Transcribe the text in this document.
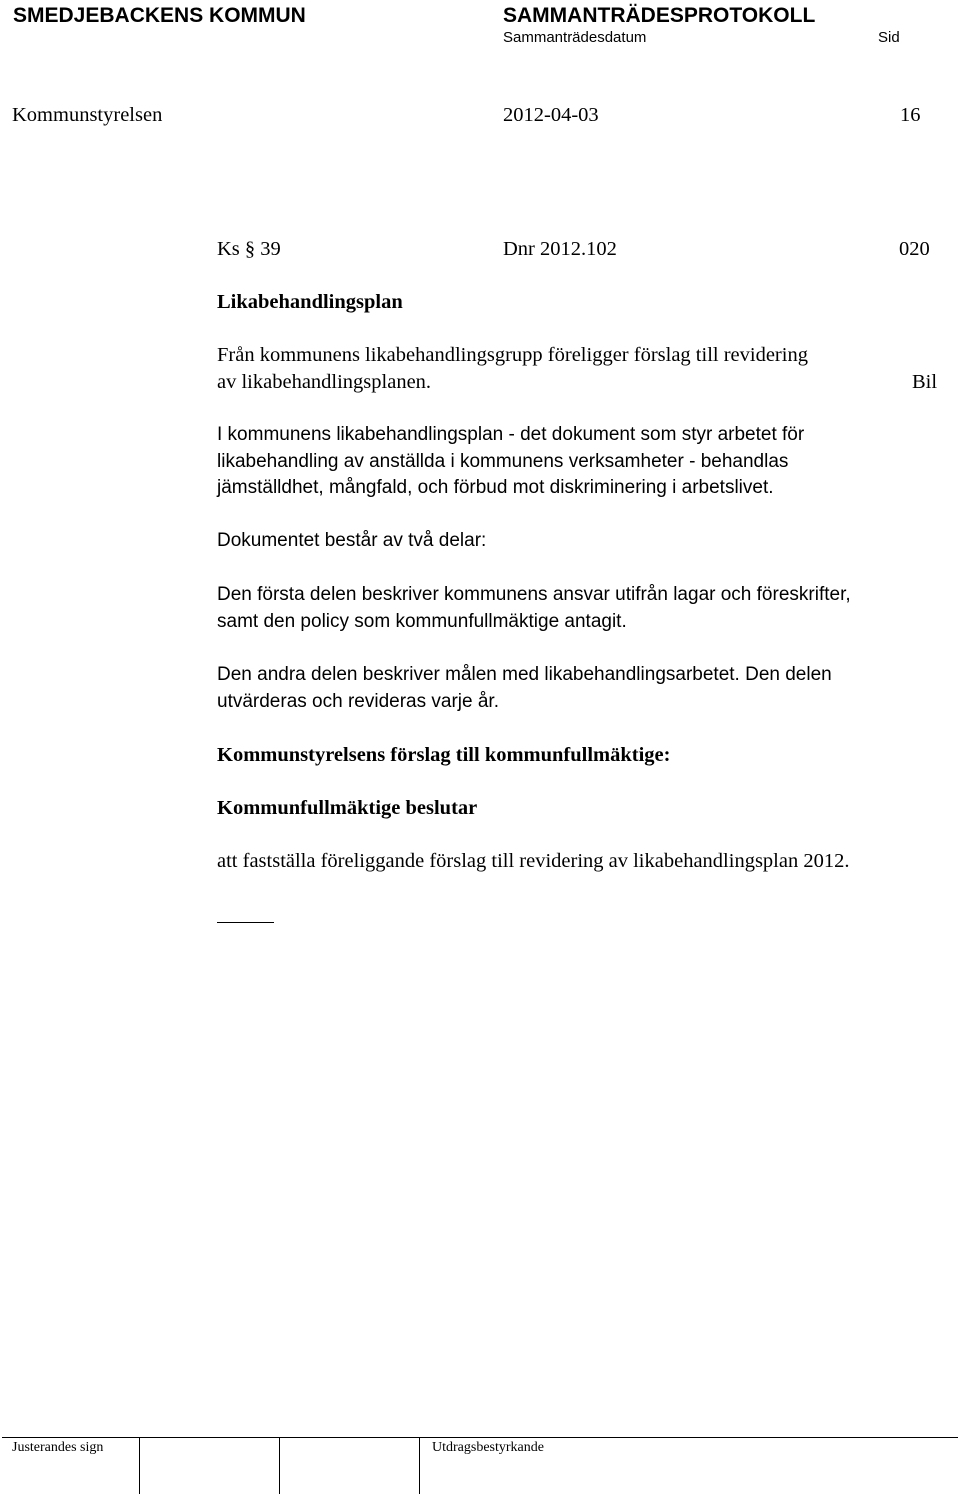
SMEDJEBACKENS KOMMUN	SAMMANTRÄDESPROTOKOLL
Sammanträdesdatum	Sid
Kommunstyrelsen	2012-04-03	16
Ks § 39	Dnr 2012.102	020
Likabehandlingsplan
Från kommunens likabehandlingsgrupp föreligger förslag till revidering
av likabehandlingsplanen.	Bil
I kommunens likabehandlingsplan - det dokument som styr arbetet för
likabehandling av anställda i kommunens verksamheter - behandlas
jämställdhet, mångfald, och förbud mot diskriminering i arbetslivet.
Dokumentet består av två delar:
Den första delen beskriver kommunens ansvar utifrån lagar och föreskrifter,
samt den policy som kommunfullmäktige antagit.
Den andra delen beskriver målen med likabehandlingsarbetet. Den delen
utvärderas och revideras varje år.
Kommunstyrelsens förslag till kommunfullmäktige:
Kommunfullmäktige beslutar
att fastställa föreliggande förslag till revidering av likabehandlingsplan 2012.
Justerandes sign	Utdragsbestyrkande
